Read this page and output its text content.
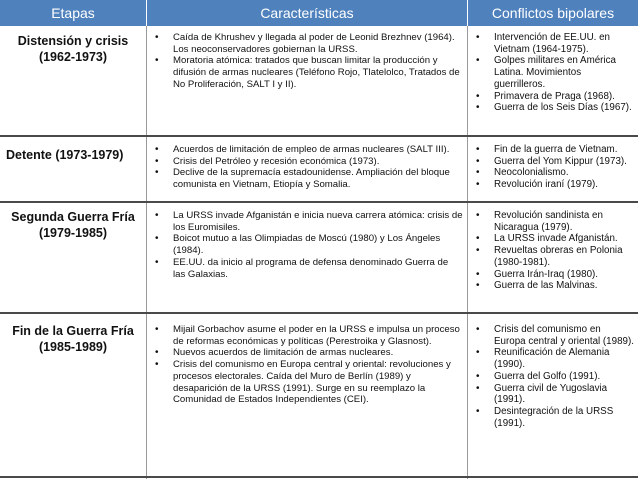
Etapas	Características	Conflictos bipolares
Distensión y crisis
(1962-1973)
• Caída de Khrushev y llegada al poder de Leonid Brezhnev (1964). Los neoconservadores gobiernan la URSS.
• Moratoria atómica: tratados que buscan limitar la producción y difusión de armas nucleares (Teléfono Rojo, Tlatelolco, Tratados de No Proliferación, SALT I y II).
• Intervención de EE.UU. en Vietnam (1964-1975).
• Golpes militares en América Latina. Movimientos guerrilleros.
• Primavera de Praga (1968).
• Guerra de los Seis Días (1967).
Detente (1973-1979)
•	Acuerdos de limitación de empleo de armas nucleares (SALT III).
• Crisis del Petróleo y recesión económica (1973).
• Declive de la supremacía estadounidense. Ampliación del bloque comunista en Vietnam, Etiopía y Somalia.
• Fin de la guerra de Vietnam.
• Guerra del Yom Kippur (1973).
• Neocolonialismo.
• Revolución iraní (1979).
Segunda Guerra Fría
(1979-1985)
• La URSS invade Afganistán e inicia nueva carrera atómica: crisis de los Euromisiles.
• Boicot mutuo a las Olimpiadas de Moscú (1980) y Los Ángeles (1984).
• EE.UU. da inicio al programa de defensa denominado Guerra de las Galaxias.
• Revolución sandinista en Nicaragua (1979).
• La URSS invade Afganistán.
• Revueltas obreras en Polonia (1980-1981).
• Guerra Irán-Iraq (1980).
• Guerra de las Malvinas.
Fin de la Guerra Fría
(1985-1989)
• Mijail Gorbachov asume el poder en la URSS e impulsa un proceso de reformas económicas y políticas (Perestroika y Glasnost).
• Nuevos acuerdos de limitación de armas nucleares.
• Crisis del comunismo en Europa central y oriental: revoluciones y procesos electorales. Caída del Muro de Berlín (1989) y desaparición de la URSS (1991). Surge en su reemplazo la Comunidad de Estados Independientes (CEI).
• Crisis del comunismo en Europa central y oriental (1989).
• Reunificación de Alemania (1990).
• Guerra del Golfo (1991).
• Guerra civil de Yugoslavia (1991).
• Desintegración de la URSS (1991).
